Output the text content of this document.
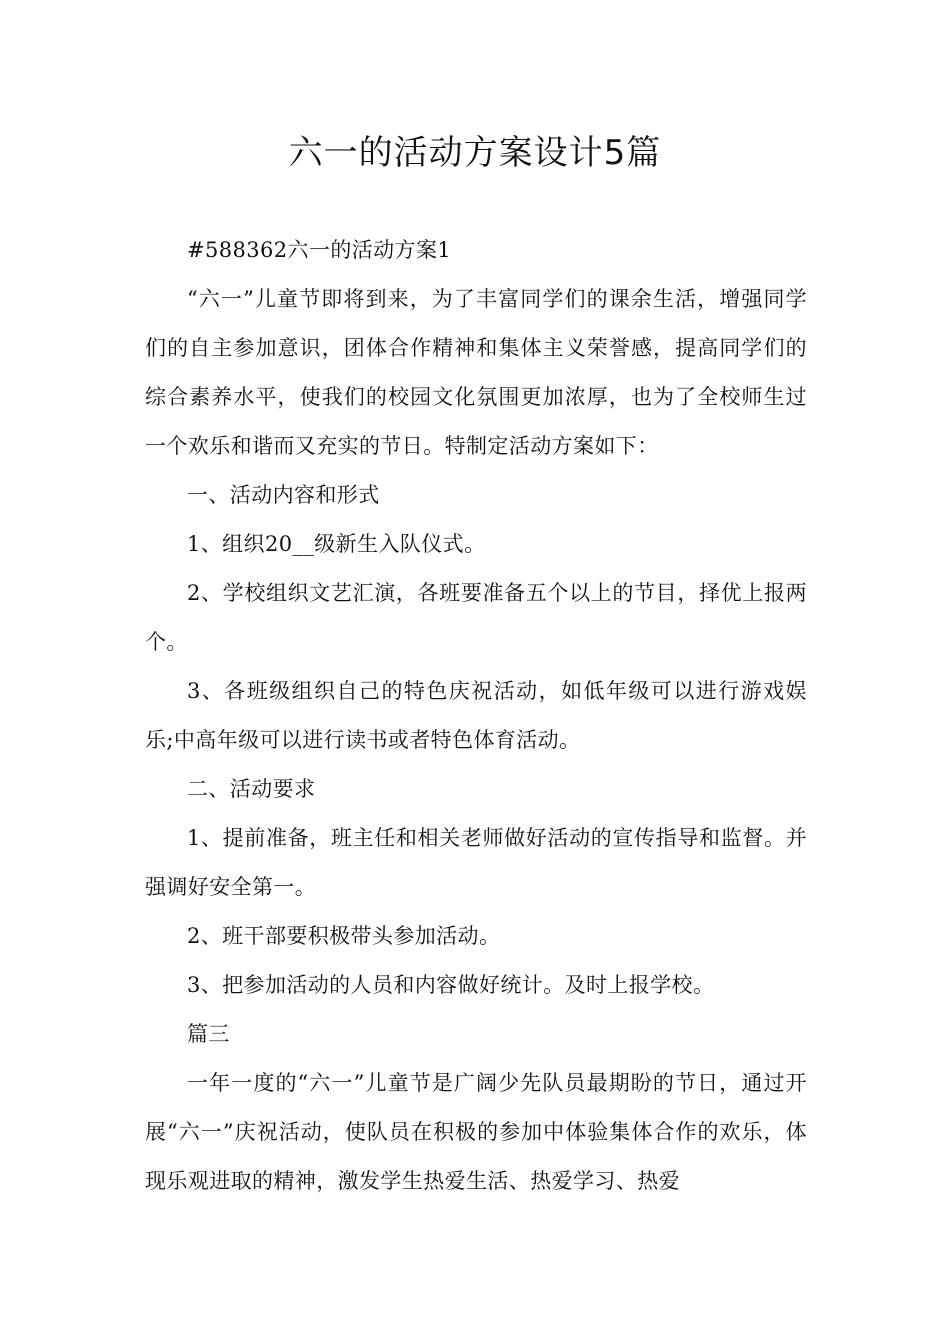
六一的活动方案设计5篇

#588362六一的活动方案1

“六一”儿童节即将到来，为了丰富同学们的课余生活，增强同学们的自主参加意识，团体合作精神和集体主义荣誉感，提高同学们的综合素养水平，使我们的校园文化氛围更加浓厚，也为了全校师生过一个欢乐和谐而又充实的节日。特制定活动方案如下：

一、活动内容和形式

1、组织20__级新生入队仪式。

2、学校组织文艺汇演，各班要准备五个以上的节目，择优上报两个。

3、各班级组织自己的特色庆祝活动，如低年级可以进行游戏娱乐;中高年级可以进行读书或者特色体育活动。

二、活动要求

1、提前准备，班主任和相关老师做好活动的宣传指导和监督。并强调好安全第一。

2、班干部要积极带头参加活动。

3、把参加活动的人员和内容做好统计。及时上报学校。

篇三

一年一度的“六一”儿童节是广阔少先队员最期盼的节日，通过开展“六一”庆祝活动，使队员在积极的参加中体验集体合作的欢乐，体现乐观进取的精神，激发学生热爱生活、热爱学习、热爱
